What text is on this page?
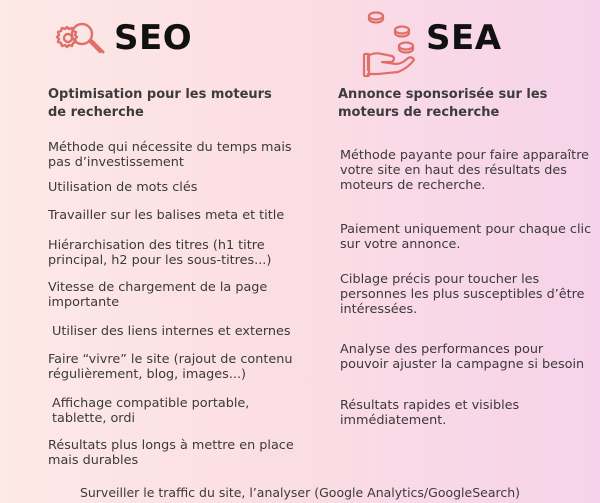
SEO
Optimisation pour les moteurs de recherche
Méthode qui nécessite du temps mais pas d’investissement
Utilisation de mots clés
Travailler sur les balises meta et title
Hiérarchisation des titres (h1 titre principal, h2 pour les sous-titres...)
Vitesse de chargement de la page importante
Utiliser des liens internes et externes
Faire “vivre” le site (rajout de contenu régulièrement, blog, images...)
Affichage compatible portable, tablette, ordi
Résultats plus longs à mettre en place mais durables
SEA
Annonce sponsorisée sur les moteurs de recherche
Méthode payante pour faire apparaître votre site en haut des résultats des moteurs de recherche.
Paiement uniquement pour chaque clic sur votre annonce.
Ciblage précis pour toucher les personnes les plus susceptibles d’être intéressées.
Analyse des performances pour pouvoir ajuster la campagne si besoin
Résultats rapides et visibles immédiatement.
Surveiller le traffic du site, l’analyser (Google Analytics/GoogleSearch)
